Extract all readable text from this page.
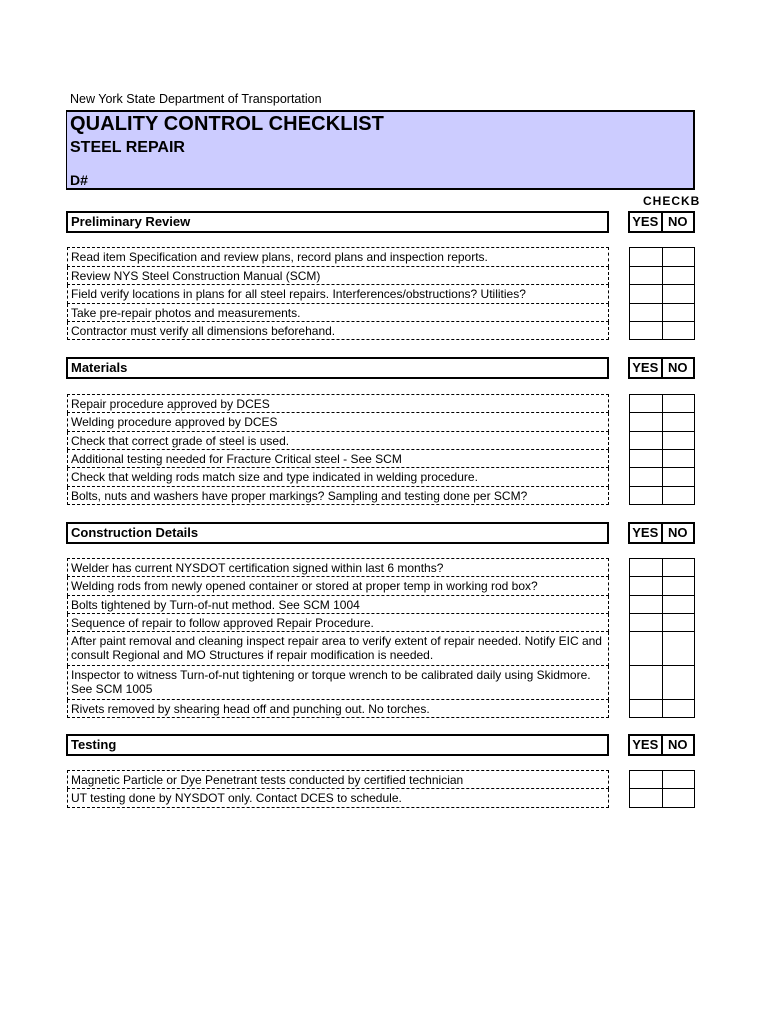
New York State Department of Transportation
QUALITY CONTROL CHECKLIST
STEEL REPAIR
D#
CHECKB
Preliminary Review	YES NO
Read item Specification and review plans, record plans and inspection reports.
Review NYS Steel Construction Manual (SCM)
Field verify locations in plans for all steel repairs. Interferences/obstructions? Utilities?
Take pre-repair photos and measurements.
Contractor must verify all dimensions beforehand.
Materials	YES NO
Repair procedure approved by DCES
Welding procedure approved by DCES
Check that correct grade of steel is used.
Additional testing needed for Fracture Critical steel - See SCM
Check that welding rods match size and type indicated in welding procedure.
Bolts, nuts and washers have proper markings? Sampling and testing done per SCM?
Construction Details	YES NO
Welder has current NYSDOT certification signed within last 6 months?
Welding rods from newly opened container or stored at proper temp in working rod box?
Bolts tightened by Turn-of-nut method. See SCM 1004
Sequence of repair to follow approved Repair Procedure.
After paint removal and cleaning inspect repair area to verify extent of repair needed. Notify EIC and consult Regional and MO Structures if repair modification is needed.
Inspector to witness Turn-of-nut tightening or torque wrench to be calibrated daily using Skidmore. See SCM 1005
Rivets removed by shearing head off and punching out. No torches.
Testing	YES NO
Magnetic Particle or Dye Penetrant tests conducted by certified technician
UT testing done by NYSDOT only. Contact DCES to schedule.
